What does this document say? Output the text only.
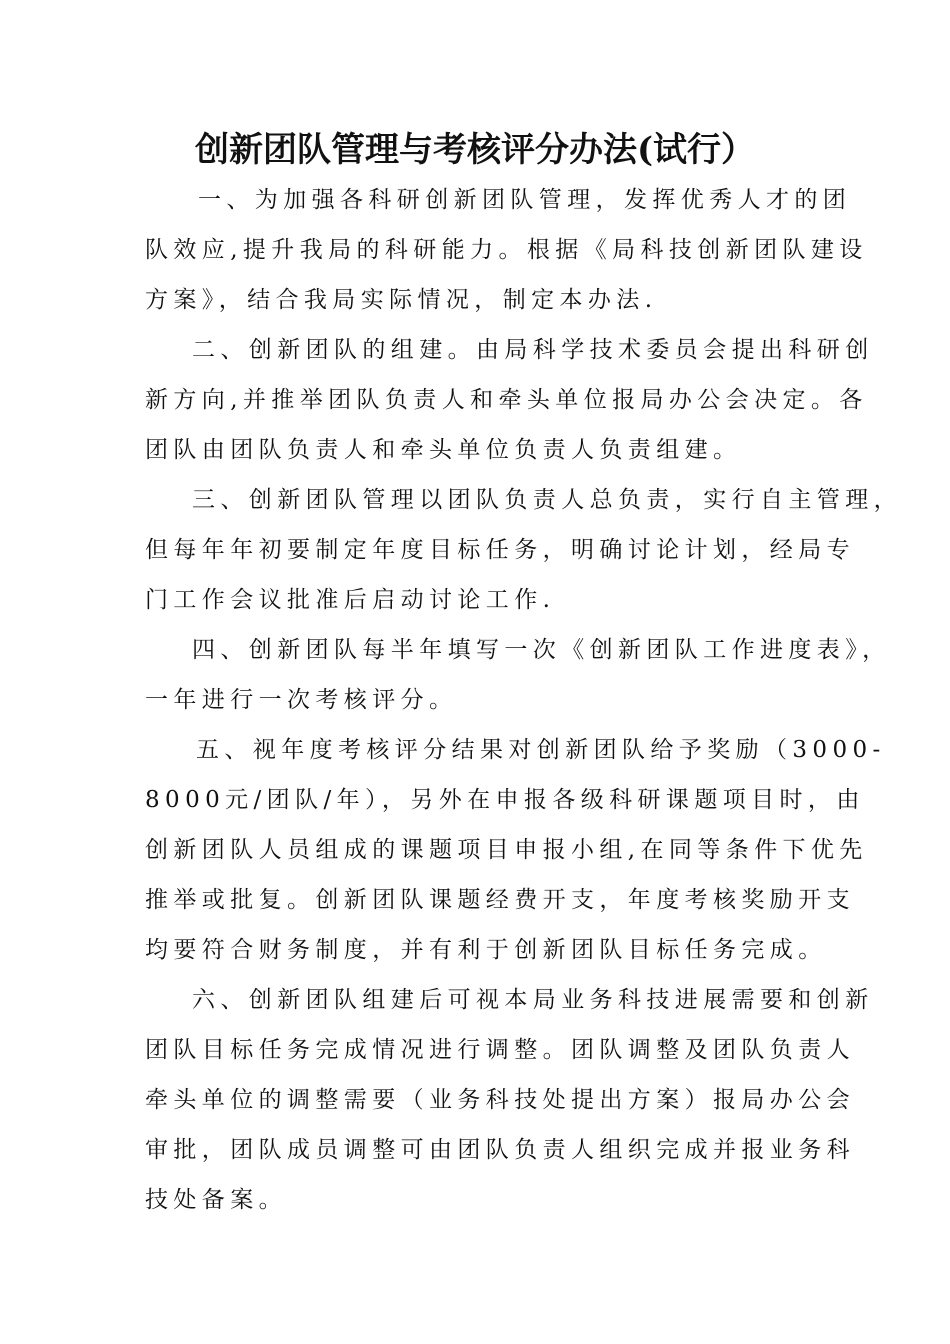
创新团队管理与考核评分办法(试行）
一、为加强各科研创新团队管理，发挥优秀人才的团
队效应,提升我局的科研能力。根据《局科技创新团队建设
方案》，结合我局实际情况，制定本办法.
二、创新团队的组建。由局科学技术委员会提出科研创
新方向,并推举团队负责人和牵头单位报局办公会决定。各
团队由团队负责人和牵头单位负责人负责组建。
三、创新团队管理以团队负责人总负责，实行自主管理，
但每年年初要制定年度目标任务，明确讨论计划，经局专
门工作会议批准后启动讨论工作.
四、创新团队每半年填写一次《创新团队工作进度表》，
一年进行一次考核评分。
五、视年度考核评分结果对创新团队给予奖励（3000-
8000元/团队/年），另外在申报各级科研课题项目时，由
创新团队人员组成的课题项目申报小组,在同等条件下优先
推举或批复。创新团队课题经费开支，年度考核奖励开支
均要符合财务制度，并有利于创新团队目标任务完成。
六、创新团队组建后可视本局业务科技进展需要和创新
团队目标任务完成情况进行调整。团队调整及团队负责人
牵头单位的调整需要（业务科技处提出方案）报局办公会
审批，团队成员调整可由团队负责人组织完成并报业务科
技处备案。
